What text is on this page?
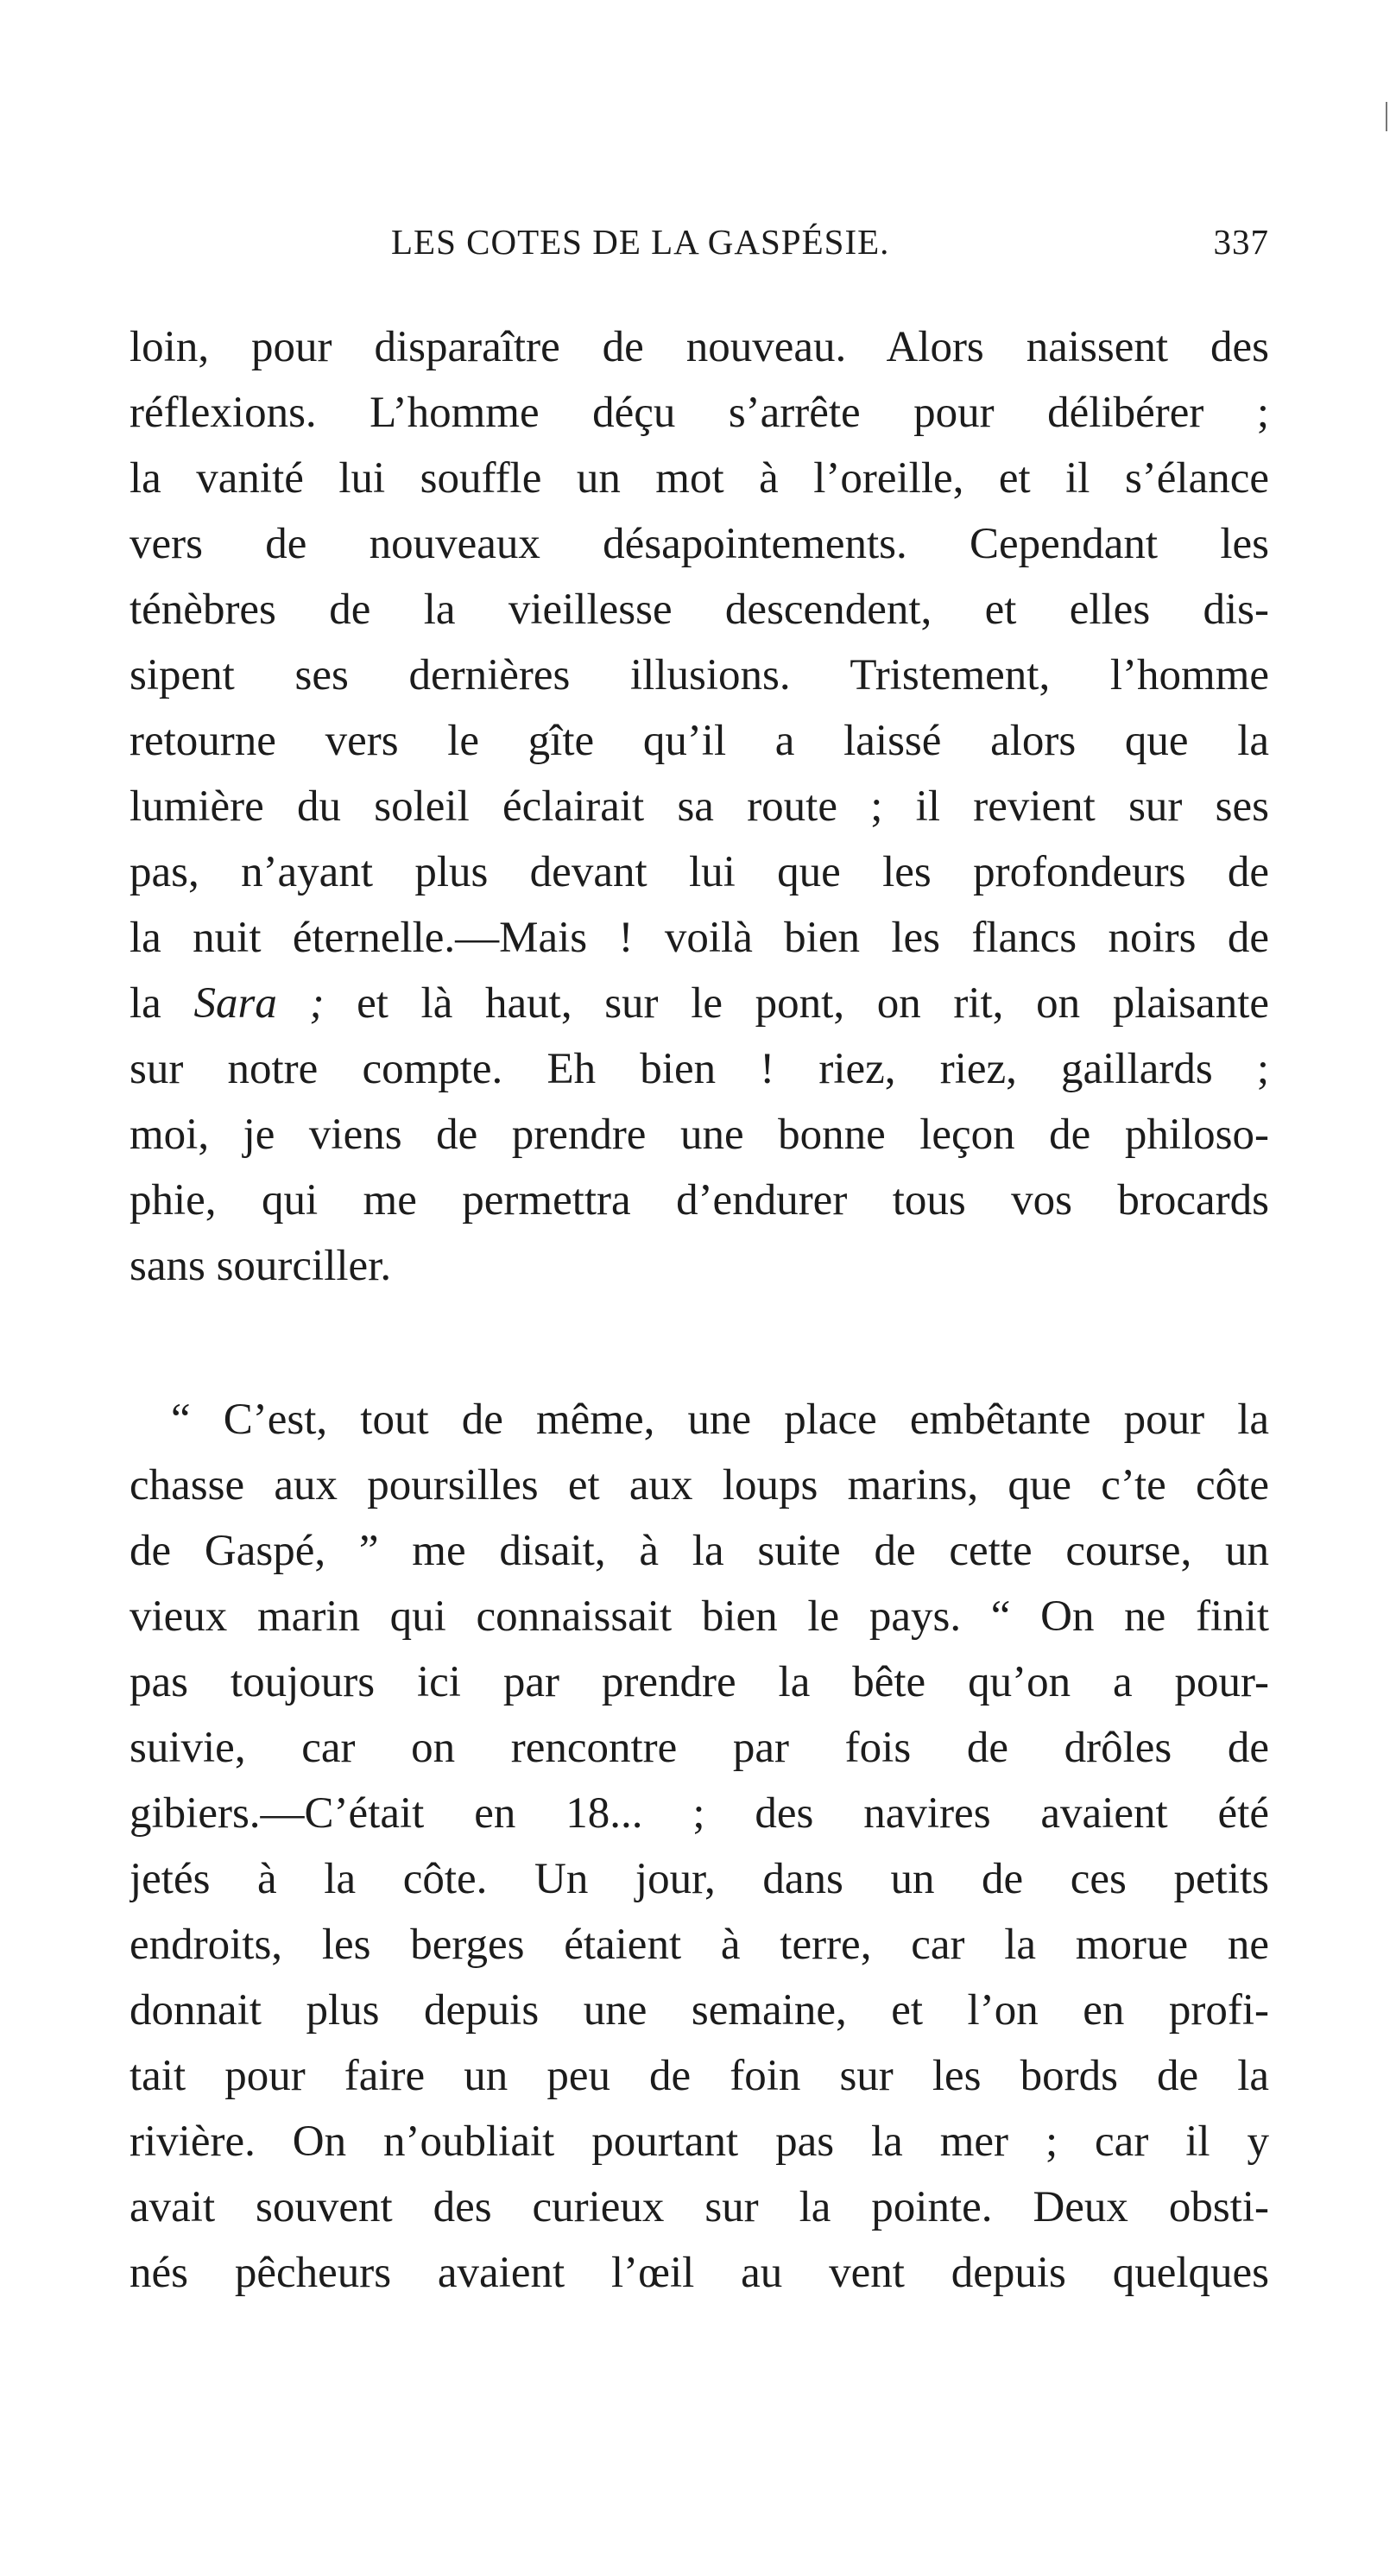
LES COTES DE LA GASPÉSIE.	337
loin, pour disparaître de nouveau. Alors naissent des
réflexions. L’homme déçu s’arrête pour délibérer ;
la vanité lui souffle un mot à l’oreille, et il s’élance
vers de nouveaux désapointements. Cependant les
ténèbres de la vieillesse descendent, et elles dis-
sipent ses dernières illusions. Tristement, l’homme
retourne vers le gîte qu’il a laissé alors que la
lumière du soleil éclairait sa route ; il revient sur ses
pas, n’ayant plus devant lui que les profondeurs de
la nuit éternelle.—Mais ! voilà bien les flancs noirs de
la Sara ; et là haut, sur le pont, on rit, on plaisante
sur notre compte. Eh bien ! riez, riez, gaillards ;
moi, je viens de prendre une bonne leçon de philoso-
phie, qui me permettra d’endurer tous vos brocards
sans sourciller.
“ C’est, tout de même, une place embêtante pour la
chasse aux poursilles et aux loups marins, que c’te côte
de Gaspé, ” me disait, à la suite de cette course, un
vieux marin qui connaissait bien le pays. “ On ne finit
pas toujours ici par prendre la bête qu’on a pour-
suivie, car on rencontre par fois de drôles de
gibiers.—C’était en 18... ; des navires avaient été
jetés à la côte. Un jour, dans un de ces petits
endroits, les berges étaient à terre, car la morue ne
donnait plus depuis une semaine, et l’on en profi-
tait pour faire un peu de foin sur les bords de la
rivière. On n’oubliait pourtant pas la mer ; car il y
avait souvent des curieux sur la pointe. Deux obsti-
nés pêcheurs avaient l’œil au vent depuis quelques
